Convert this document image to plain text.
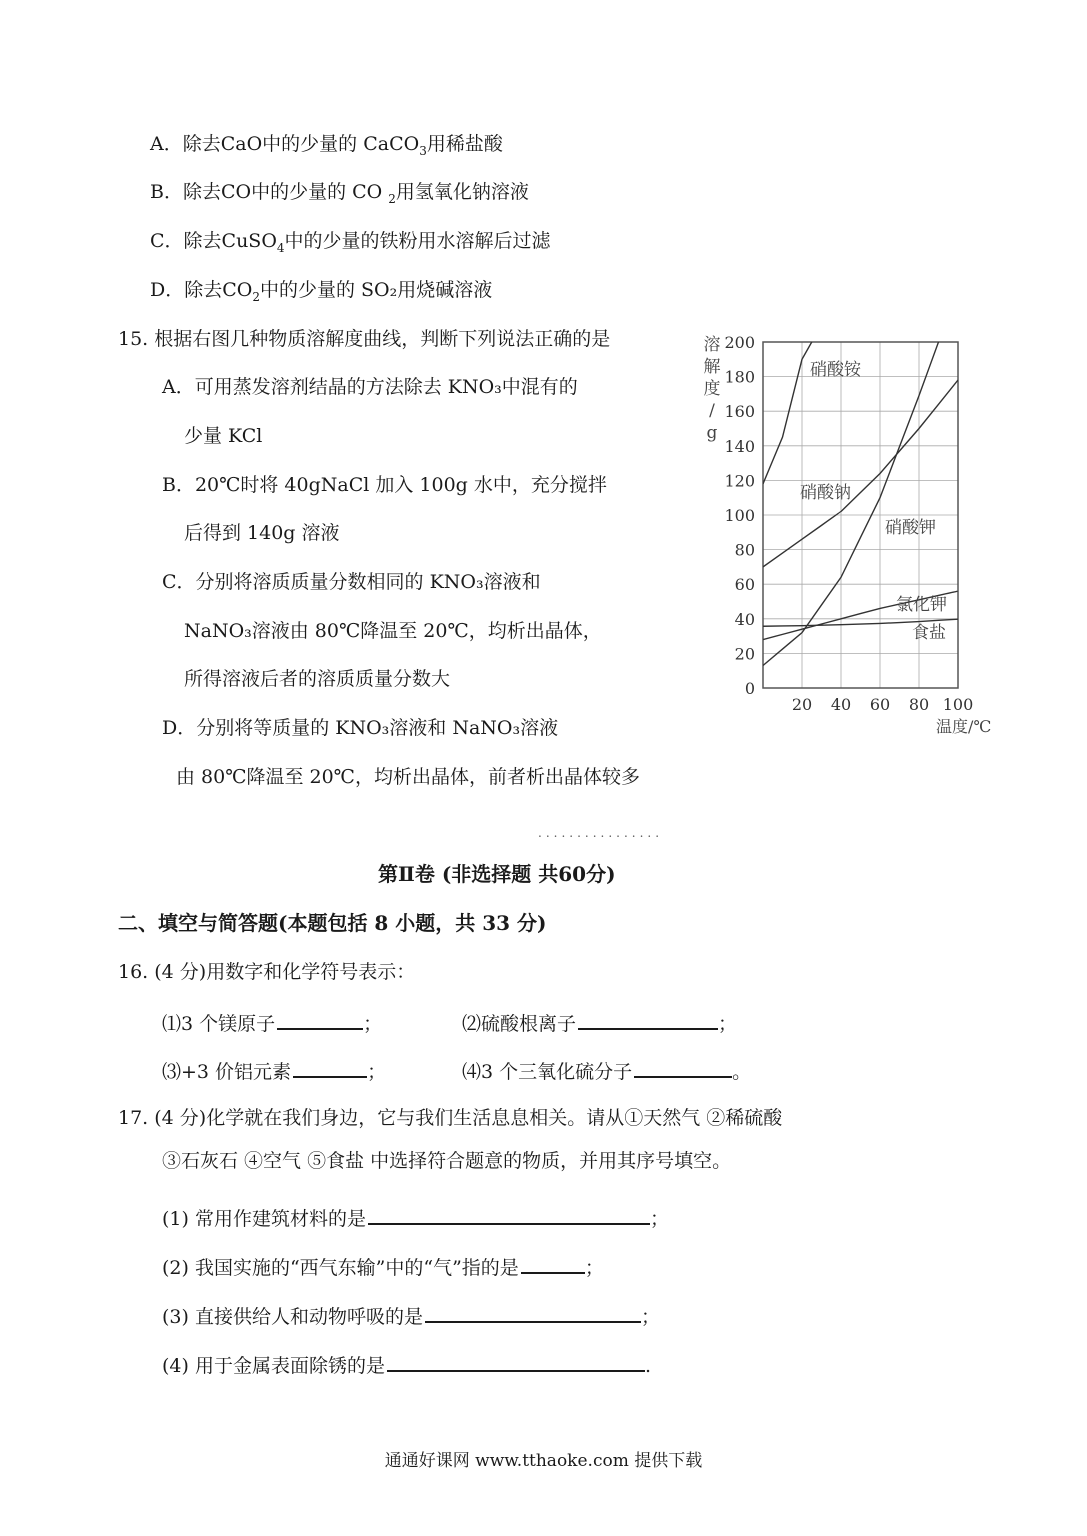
A．除去CaO中的少量的 CaCO$_3$用稀盐酸
B．除去CO中的少量的 CO $_2$用氢氧化钠溶液
C．除去CuSO$_4$中的少量的铁粉用水溶解后过滤
D．除去$CO_2$中的少量的 SO₂用烧碱溶液
15. 根据右图几种物质溶解度曲线，判断下列说法正确的是
A．可用蒸发溶剂结晶的方法除去 KNO₃中混有的
少量 KCl
B．20℃时将 40gNaCl 加入 100g 水中，充分搅拌
后得到 140g 溶液
C．分别将溶质质量分数相同的 KNO₃溶液和
NaNO₃溶液由 80℃降温至 20℃，均析出晶体，
所得溶液后者的溶质质量分数大
D．分别将等质量的 KNO₃溶液和 NaNO₃溶液
由 80℃降温至 20℃，均析出晶体，前者析出晶体较多
0
20
40
60
80
100
120
140
160
180
200
20 40 60 80 100
硝酸铵
硝酸钠
硝酸钾
氯化钾
食盐
溶
解
度
/
g
温度/℃
................
第Ⅱ卷 (非选择题 共60分)
二、填空与简答题(本题包括 8 小题，共 33 分)
16. (4 分)用数字和化学符号表示：
⑴3 个镁原子	；	⑵硫酸根离子	；
⑶+3 价铝元素	；	⑷3 个三氧化硫分子	。
17. (4 分)化学就在我们身边，它与我们生活息息相关。请从①天然气 ②稀硫酸
③石灰石 ④空气 ⑤食盐 中选择符合题意的物质，并用其序号填空。
(1) 常用作建筑材料的是	；
(2) 我国实施的“西气东输”中的“气”指的是	；
(3) 直接供给人和动物呼吸的是	；
(4) 用于金属表面除锈的是	.
通通好课网 www.tthaoke.com 提供下载
